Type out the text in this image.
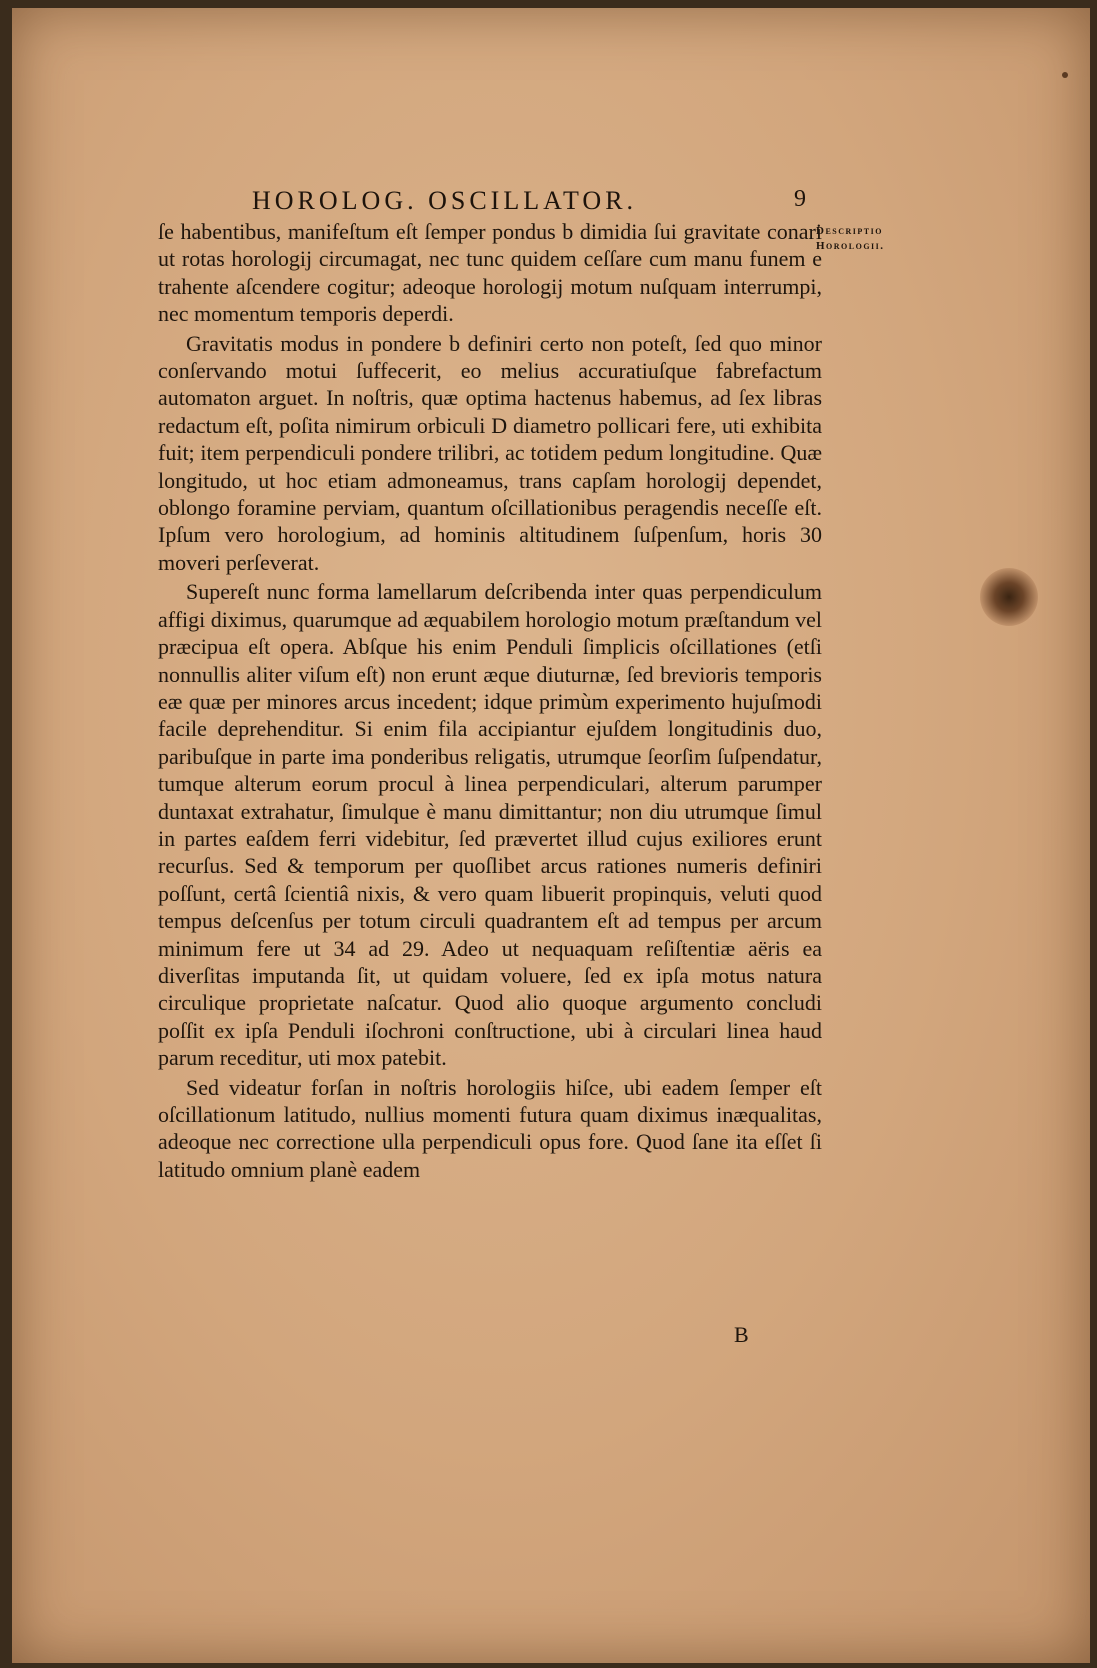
HOROLOG. OSCILLATOR.	9
Descriptio
Horologii.

ſe habentibus, manifeſtum eſt ſemper pondus b dimidia ſui gravitate conari ut rotas horologij circumagat, nec tunc quidem ceſſare cum manu funem e trahente aſcendere cogitur; adeoque horologij motum nuſquam interrumpi, nec momentum temporis deperdi.

Gravitatis modus in pondere b definiri certo non poteſt, ſed quo minor conſervando motui ſuffecerit, eo melius accuratiuſque fabrefactum automaton arguet. In noſtris, quæ optima hactenus habemus, ad ſex libras redactum eſt, poſita nimirum orbiculi D diametro pollicari fere, uti exhibita fuit; item perpendiculi pondere trilibri, ac totidem pedum longitudine. Quæ longitudo, ut hoc etiam admoneamus, trans capſam horologij dependet, oblongo foramine perviam, quantum oſcillationibus peragendis neceſſe eſt. Ipſum vero horologium, ad hominis altitudinem ſuſpenſum, horis 30 moveri perſeverat.

Supereſt nunc forma lamellarum deſcribenda inter quas perpendiculum affigi diximus, quarumque ad æquabilem horologio motum præſtandum vel præcipua eſt opera. Abſque his enim Penduli ſimplicis oſcillationes (etſi nonnullis aliter viſum eſt) non erunt æque diuturnæ, ſed brevioris temporis eæ quæ per minores arcus incedent; idque primùm experimento hujuſmodi facile deprehenditur. Si enim fila accipiantur ejuſdem longitudinis duo, paribuſque in parte ima ponderibus religatis, utrumque ſeorſim ſuſpendatur, tumque alterum eorum procul à linea perpendiculari, alterum parumper duntaxat extrahatur, ſimulque è manu dimittantur; non diu utrumque ſimul in partes eaſdem ferri videbitur, ſed prævertet illud cujus exiliores erunt recurſus. Sed & temporum per quoſlibet arcus rationes numeris definiri poſſunt, certâ ſcientiâ nixis, & vero quam libuerit propinquis, veluti quod tempus deſcenſus per totum circuli quadrantem eſt ad tempus per arcum minimum fere ut 34 ad 29. Adeo ut nequaquam reſiſtentiæ aëris ea diverſitas imputanda ſit, ut quidam voluere, ſed ex ipſa motus natura circulique proprietate naſcatur. Quod alio quoque argumento concludi poſſit ex ipſa Penduli iſochroni conſtructione, ubi à circulari linea haud parum receditur, uti mox patebit.

Sed videatur forſan in noſtris horologiis hiſce, ubi eadem ſemper eſt oſcillationum latitudo, nullius momenti futura quam diximus inæqualitas, adeoque nec correctione ulla perpendiculi opus fore. Quod ſane ita eſſet ſi latitudo omnium planè eadem

B
